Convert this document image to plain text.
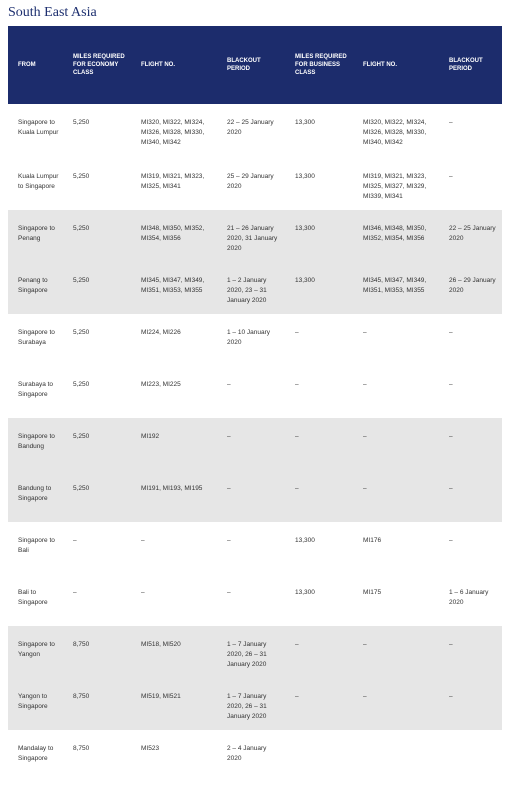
South East Asia
FROM	MILES REQUIRED FOR ECONOMY CLASS	FLIGHT NO.	BLACKOUT PERIOD	MILES REQUIRED FOR BUSINESS CLASS	FLIGHT NO.	BLACKOUT PERIOD
Singapore to Kuala Lumpur	5,250	MI320, MI322, MI324, MI326, MI328, MI330, MI340, MI342	22 – 25 January 2020	13,300	MI320, MI322, MI324, MI326, MI328, MI330, MI340, MI342	–
Kuala Lumpur to Singapore	5,250	MI319, MI321, MI323, MI325, MI341	25 – 29 January 2020	13,300	MI319, MI321, MI323, MI325, MI327, MI329, MI339, MI341	–
Singapore to Penang	5,250	MI348, MI350, MI352, MI354, MI356	21 – 26 January 2020, 31 January 2020	13,300	MI346, MI348, MI350, MI352, MI354, MI356	22 – 25 January 2020
Penang to Singapore	5,250	MI345, MI347, MI349, MI351, MI353, MI355	1 – 2 January 2020, 23 – 31 January 2020	13,300	MI345, MI347, MI349, MI351, MI353, MI355	26 – 29 January 2020
Singapore to Surabaya	5,250	MI224, MI226	1 – 10 January 2020	–	–	–
Surabaya to Singapore	5,250	MI223, MI225	–	–	–	–
Singapore to Bandung	5,250	MI192	–	–	–	–
Bandung to Singapore	5,250	MI191, MI193, MI195	–	–	–	–
Singapore to Bali	–	–	–	13,300	MI176	–
Bali to Singapore	–	–	–	13,300	MI175	1 – 6 January 2020
Singapore to Yangon	8,750	MI518, MI520	1 – 7 January 2020, 26 – 31 January 2020	–	–	–
Yangon to Singapore	8,750	MI519, MI521	1 – 7 January 2020, 26 – 31 January 2020	–	–	–
Mandalay to Singapore	8,750	MI523	2 – 4 January 2020			
